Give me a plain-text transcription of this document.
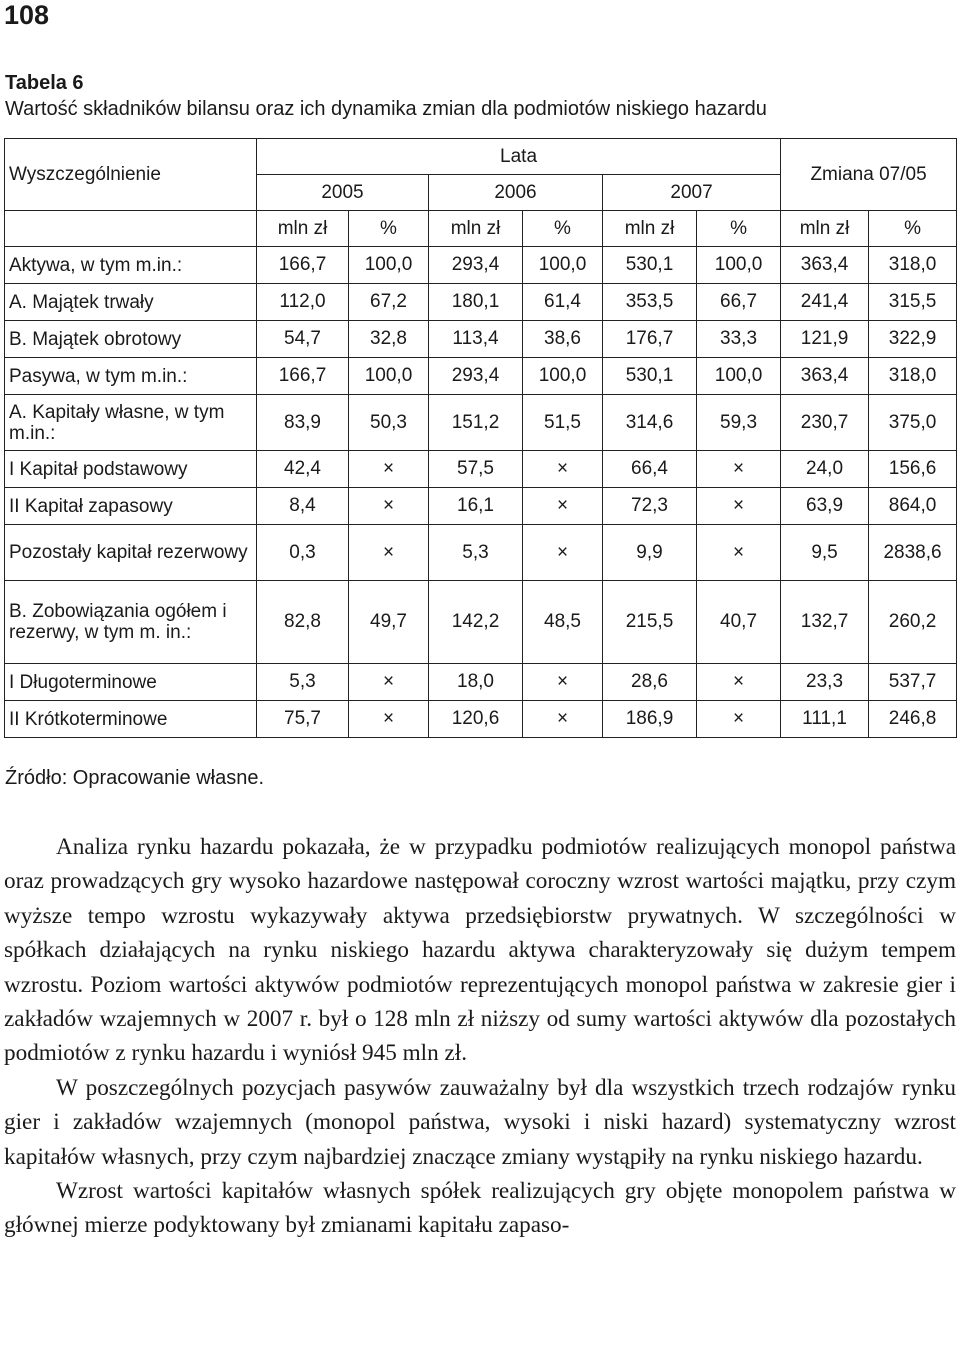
108
Tabela 6
Wartość składników bilansu oraz ich dynamika zmian dla podmiotów niskiego hazardu
Wyszczególnienie	Lata						Zmiana 07/05	
	2005		2006		2007			
	mln zł	%	mln zł	%	mln zł	%	mln zł	%
Aktywa, w tym m.in.:	166,7	100,0	293,4	100,0	530,1	100,0	363,4	318,0
A. Majątek trwały	112,0	67,2	180,1	61,4	353,5	66,7	241,4	315,5
B. Majątek obrotowy	54,7	32,8	113,4	38,6	176,7	33,3	121,9	322,9
Pasywa, w tym m.in.:	166,7	100,0	293,4	100,0	530,1	100,0	363,4	318,0
A. Kapitały własne, w tym m.in.:	83,9	50,3	151,2	51,5	314,6	59,3	230,7	375,0
I Kapitał podstawowy	42,4	×	57,5	×	66,4	×	24,0	156,6
II Kapitał zapasowy	8,4	×	16,1	×	72,3	×	63,9	864,0
Pozostały kapitał rezerwowy	0,3	×	5,3	×	9,9	×	9,5	2838,6
B. Zobowiązania ogółem i rezerwy, w tym m. in.:	82,8	49,7	142,2	48,5	215,5	40,7	132,7	260,2
I Długoterminowe	5,3	×	18,0	×	28,6	×	23,3	537,7
II Krótkoterminowe	75,7	×	120,6	×	186,9	×	111,1	246,8
Źródło: Opracowanie własne.

Analiza rynku hazardu pokazała, że w przypadku podmiotów realizujących monopol państwa oraz prowadzących gry wysoko hazardowe następował coroczny wzrost wartości majątku, przy czym wyższe tempo wzrostu wykazywały aktywa przedsiębiorstw prywatnych. W szczególności w spółkach działających na rynku niskiego hazardu aktywa charakteryzowały się dużym tempem wzrostu. Poziom wartości aktywów podmiotów reprezentujących monopol państwa w zakresie gier i zakładów wzajemnych w 2007 r. był o 128 mln zł niższy od sumy wartości aktywów dla pozostałych podmiotów z rynku hazardu i wyniósł 945 mln zł.

W poszczególnych pozycjach pasywów zauważalny był dla wszystkich trzech rodzajów rynku gier i zakładów wzajemnych (monopol państwa, wysoki i niski hazard) systematyczny wzrost kapitałów własnych, przy czym najbardziej znaczące zmiany wystąpiły na rynku niskiego hazardu.

Wzrost wartości kapitałów własnych spółek realizujących gry objęte monopolem państwa w głównej mierze podyktowany był zmianami kapitału zapaso-
